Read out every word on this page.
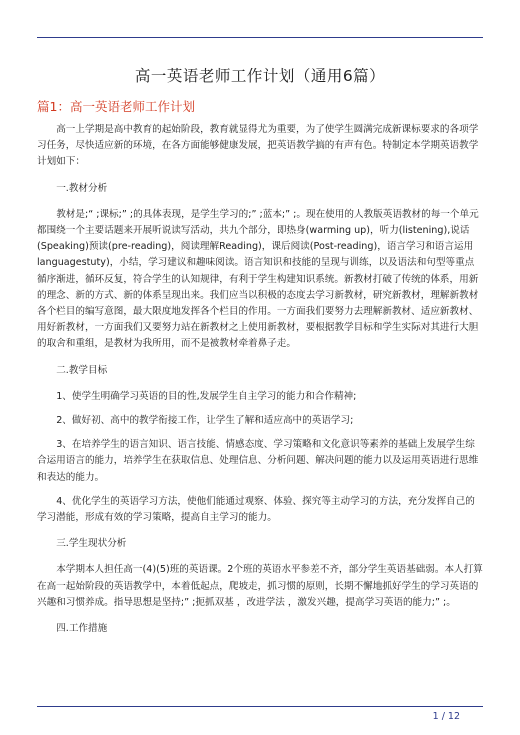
高一英语老师工作计划（通用6篇）
篇1：高一英语老师工作计划

高一上学期是高中教育的起始阶段，教育就显得尤为重要，为了使学生圆满完成新课标要求的各项学习任务，尽快适应新的环境，在各方面能够健康发展，把英语教学搞的有声有色。特制定本学期英语教学计划如下：

一.教材分析

教材是;“ ;课标;” ;的具体表现，是学生学习的;” ;蓝本;” ;。现在使用的人教版英语教材的每一个单元都围绕一个主要话题来开展听说读写活动，共九个部分，即热身(warming up)，听力(listening),说话(Speaking)预读(pre-reading)，阅读理解Reading)，课后阅读(Post-reading)，语言学习和语言运用languagestuty)，小结，学习建议和趣味阅读。语言知识和技能的呈现与训练，以及语法和句型等重点循序渐进，循环反复，符合学生的认知规律，有利于学生构建知识系统。新教材打破了传统的体系，用新的理念、新的方式、新的体系呈现出来。我们应当以积极的态度去学习新教材，研究新教材，理解新教材各个栏目的编写意图，最大限度地发挥各个栏目的作用。一方面我们要努力去理解新教材、适应新教材、用好新教材，一方面我们又要努力站在新教材之上使用新教材，要根据教学目标和学生实际对其进行大胆的取舍和重组，是教材为我所用，而不是被教材牵着鼻子走。

二.教学目标

1、使学生明确学习英语的目的性,发展学生自主学习的能力和合作精神;

2、做好初、高中的教学衔接工作，让学生了解和适应高中的英语学习;

3、在培养学生的语言知识、语言技能、情感态度、学习策略和文化意识等素养的基础上发展学生综合运用语言的能力，培养学生在获取信息、处理信息、分析问题、解决问题的能力以及运用英语进行思维和表达的能力。

4、优化学生的英语学习方法，使他们能通过观察、体验、探究等主动学习的方法，充分发挥自己的学习潜能，形成有效的学习策略，提高自主学习的能力。

三.学生现状分析

本学期本人担任高一(4)(5)班的英语课。2个班的英语水平参差不齐，部分学生英语基础弱。本人打算在高一起始阶段的英语教学中，本着低起点，爬坡走，抓习惯的原则，长期不懈地抓好学生的学习英语的兴趣和习惯养成。指导思想是坚持;” ;扼抓双基 ，改进学法 ，激发兴趣，提高学习英语的能力;” ;。

四.工作措施

1 / 12
